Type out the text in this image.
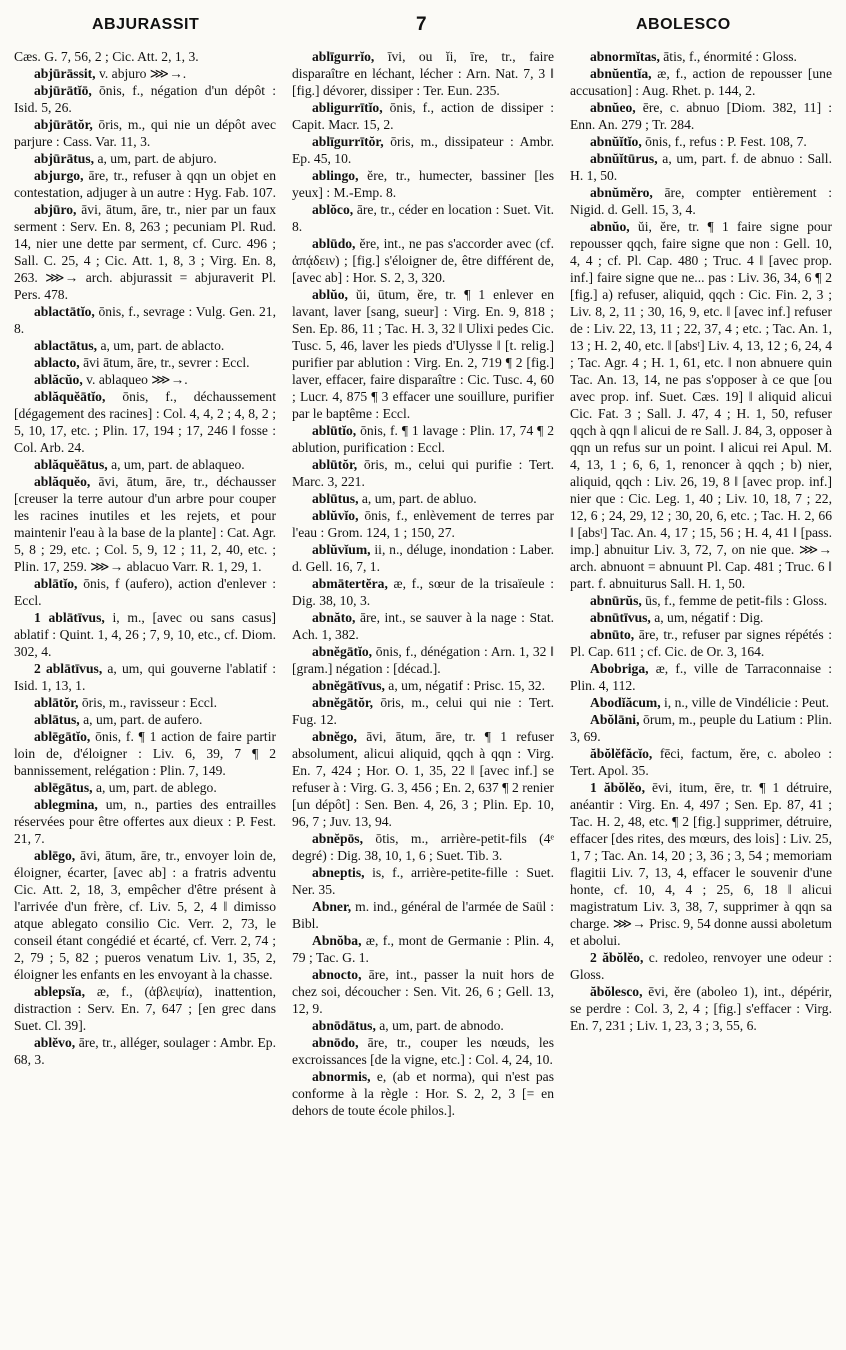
ABJURASSIT	7	ABOLESCO

Cæs. G. 7, 56, 2 ; Cic. Att. 2, 1, 3.

abjūrāssit, v. abjuro ⋙→.

abjūrātĭō, ōnis, f., négation d'un dépôt : Isid. 5, 26.

abjūrātŏr, ōris, m., qui nie un dépôt avec parjure : Cass. Var. 11, 3.

abjūrātus, a, um, part. de abjuro.

abjurgo, āre, tr., refuser à qqn un objet en contestation, adjuger à un autre : Hyg. Fab. 107.

abjūro, āvi, ātum, āre, tr., nier par un faux serment : Serv. En. 8, 263 ; pecuniam Pl. Rud. 14, nier une dette par serment, cf. Curc. 496 ; Sall. C. 25, 4 ; Cic. Att. 1, 8, 3 ; Virg. En. 8, 263. ⋙→ arch. abjurassit = abjuraverit Pl. Pers. 478.

ablactātĭo, ōnis, f., sevrage : Vulg. Gen. 21, 8.

ablactātus, a, um, part. de ablacto.

ablacto, āvi ātum, āre, tr., sevrer : Eccl.

ablăcŭo, v. ablaqueo ⋙→.

ablăquĕātĭo, ōnis, f., déchaussement [dégagement des racines] : Col. 4, 4, 2 ; 4, 8, 2 ; 5, 10, 17, etc. ; Plin. 17, 194 ; 17, 246 ‖ fosse : Col. Arb. 24.

ablăquĕātus, a, um, part. de ablaqueo.

ablăquĕo, āvi, ātum, āre, tr., déchausser [creuser la terre autour d'un arbre pour couper les racines inutiles et les rejets, et pour maintenir l'eau à la base de la plante] : Cat. Agr. 5, 8 ; 29, etc. ; Col. 5, 9, 12 ; 11, 2, 40, etc. ; Plin. 17, 259. ⋙→ ablacuo Varr. R. 1, 29, 1.

ablātĭo, ōnis, f (aufero), action d'enlever : Eccl.

1 ablātīvus, i, m., [avec ou sans casus] ablatif : Quint. 1, 4, 26 ; 7, 9, 10, etc., cf. Diom. 302, 4.

2 ablātīvus, a, um, qui gouverne l'ablatif : Isid. 1, 13, 1.

ablātŏr, ōris, m., ravisseur : Eccl.

ablātus, a, um, part. de aufero.

ablēgātĭo, ōnis, f. ¶ 1 action de faire partir loin de, d'éloigner : Liv. 6, 39, 7 ¶ 2 bannissement, relégation : Plin. 7, 149.

ablēgātus, a, um, part. de ablego.

ablegmina, um, n., parties des entrailles réservées pour être offertes aux dieux : P. Fest. 21, 7.

ablēgo, āvi, ātum, āre, tr., envoyer loin de, éloigner, écarter, [avec ab] : a fratris adventu Cic. Att. 2, 18, 3, empêcher d'être présent à l'arrivée d'un frère, cf. Liv. 5, 2, 4 ‖ dimisso atque ablegato consilio Cic. Verr. 2, 73, le conseil étant congédié et écarté, cf. Verr. 2, 74 ; 2, 79 ; 5, 82 ; pueros venatum Liv. 1, 35, 2, éloigner les enfants en les envoyant à la chasse.

ablepsĭa, æ, f., (ἀβλεψία), inattention, distraction : Serv. En. 7, 647 ; [en grec dans Suet. Cl. 39].

ablĕvo, āre, tr., alléger, soulager : Ambr. Ep. 68, 3.

ablīgurrĭo, īvi, ou ĭi, īre, tr., faire disparaître en léchant, lécher : Arn. Nat. 7, 3 ‖ [fig.] dévorer, dissiper : Ter. Eun. 235.

abligurrītĭo, ōnis, f., action de dissiper : Capit. Macr. 15, 2.

ablīgurrītŏr, ōris, m., dissipateur : Ambr. Ep. 45, 10.

ablingo, ĕre, tr., humecter, bassiner [les yeux] : M.-Emp. 8.

ablŏco, āre, tr., céder en location : Suet. Vit. 8.

ablūdo, ĕre, int., ne pas s'accorder avec (cf. ἀπᾴδειν) ; [fig.] s'éloigner de, être différent de, [avec ab] : Hor. S. 2, 3, 320.

ablŭo, ŭi, ūtum, ĕre, tr. ¶ 1 enlever en lavant, laver [sang, sueur] : Virg. En. 9, 818 ; Sen. Ep. 86, 11 ; Tac. H. 3, 32 ‖ Ulixi pedes Cic. Tusc. 5, 46, laver les pieds d'Ulysse ‖ [t. relig.] purifier par ablution : Virg. En. 2, 719 ¶ 2 [fig.] laver, effacer, faire disparaître : Cic. Tusc. 4, 60 ; Lucr. 4, 875 ¶ 3 effacer une souillure, purifier par le baptême : Eccl.

ablūtĭo, ōnis, f. ¶ 1 lavage : Plin. 17, 74 ¶ 2 ablution, purification : Eccl.

ablūtŏr, ōris, m., celui qui purifie : Tert. Marc. 3, 221.

ablūtus, a, um, part. de abluo.

ablŭvĭo, ōnis, f., enlèvement de terres par l'eau : Grom. 124, 1 ; 150, 27.

ablŭvĭum, ii, n., déluge, inondation : Laber. d. Gell. 16, 7, 1.

abmātertĕra, æ, f., sœur de la trisaïeule : Dig. 38, 10, 3.

abnăto, āre, int., se sauver à la nage : Stat. Ach. 1, 382.

abnĕgātĭo, ōnis, f., dénégation : Arn. 1, 32 ‖ [gram.] négation : [décad.].

abnĕgātīvus, a, um, négatif : Prisc. 15, 32.

abnĕgātŏr, ōris, m., celui qui nie : Tert. Fug. 12.

abnĕgo, āvi, ātum, āre, tr. ¶ 1 refuser absolument, alicui aliquid, qqch à qqn : Virg. En. 7, 424 ; Hor. O. 1, 35, 22 ‖ [avec inf.] se refuser à : Virg. G. 3, 456 ; En. 2, 637 ¶ 2 renier [un dépôt] : Sen. Ben. 4, 26, 3 ; Plin. Ep. 10, 96, 7 ; Juv. 13, 94.

abnĕpōs, ōtis, m., arrière-petit-fils (4ᵉ degré) : Dig. 38, 10, 1, 6 ; Suet. Tib. 3.

abneptis, is, f., arrière-petite-fille : Suet. Ner. 35.

Abner, m. ind., général de l'armée de Saül : Bibl.

Abnŏba, æ, f., mont de Germanie : Plin. 4, 79 ; Tac. G. 1.

abnocto, āre, int., passer la nuit hors de chez soi, découcher : Sen. Vit. 26, 6 ; Gell. 13, 12, 9.

abnōdātus, a, um, part. de abnodo.

abnōdo, āre, tr., couper les nœuds, les excroissances [de la vigne, etc.] : Col. 4, 24, 10.

abnormis, e, (ab et norma), qui n'est pas conforme à la règle : Hor. S. 2, 2, 3 [= en dehors de toute école philos.].

abnormĭtas, ātis, f., énormité : Gloss.

abnŭentĭa, æ, f., action de repousser [une accusation] : Aug. Rhet. p. 144, 2.

abnŭeo, ēre, c. abnuo [Diom. 382, 11] : Enn. An. 279 ; Tr. 284.

abnŭĭtĭo, ōnis, f., refus : P. Fest. 108, 7.

abnŭĭtūrus, a, um, part. f. de abnuo : Sall. H. 1, 50.

abnŭmĕro, āre, compter entièrement : Nigid. d. Gell. 15, 3, 4.

abnŭo, ŭi, ĕre, tr. ¶ 1 faire signe pour repousser qqch, faire signe que non : Gell. 10, 4, 4 ; cf. Pl. Cap. 480 ; Truc. 4 ‖ [avec prop. inf.] faire signe que ne... pas : Liv. 36, 34, 6 ¶ 2 [fig.] a) refuser, aliquid, qqch : Cic. Fin. 2, 3 ; Liv. 8, 2, 11 ; 30, 16, 9, etc. ‖ [avec inf.] refuser de : Liv. 22, 13, 11 ; 22, 37, 4 ; etc. ; Tac. An. 1, 13 ; H. 2, 40, etc. ‖ [absᵗ] Liv. 4, 13, 12 ; 6, 24, 4 ; Tac. Agr. 4 ; H. 1, 61, etc. ‖ non abnuere quin Tac. An. 13, 14, ne pas s'opposer à ce que [ou avec prop. inf. Suet. Cæs. 19] ‖ aliquid alicui Cic. Fat. 3 ; Sall. J. 47, 4 ; H. 1, 50, refuser qqch à qqn ‖ alicui de re Sall. J. 84, 3, opposer à qqn un refus sur un point. ‖ alicui rei Apul. M. 4, 13, 1 ; 6, 6, 1, renoncer à qqch ; b) nier, aliquid, qqch : Liv. 26, 19, 8 ‖ [avec prop. inf.] nier que : Cic. Leg. 1, 40 ; Liv. 10, 18, 7 ; 22, 12, 6 ; 24, 29, 12 ; 30, 20, 6, etc. ; Tac. H. 2, 66 ‖ [absᵗ] Tac. An. 4, 17 ; 15, 56 ; H. 4, 41 ‖ [pass. imp.] abnuitur Liv. 3, 72, 7, on nie que. ⋙→ arch. abnuont = abnuunt Pl. Cap. 481 ; Truc. 6 ‖ part. f. abnuiturus Sall. H. 1, 50.

abnūrŭs, ūs, f., femme de petit-fils : Gloss.

abnūtīvus, a, um, négatif : Dig.

abnūto, āre, tr., refuser par signes répétés : Pl. Cap. 611 ; cf. Cic. de Or. 3, 164.

Abobriga, æ, f., ville de Tarraconnaise : Plin. 4, 112.

Abodĭăcum, i, n., ville de Vindélicie : Peut.

Abŏlāni, ōrum, m., peuple du Latium : Plin. 3, 69.

ăbŏlĕfăcĭo, fēci, factum, ĕre, c. aboleo : Tert. Apol. 35.

1 ăbŏlĕo, ēvi, itum, ēre, tr. ¶ 1 détruire, anéantir : Virg. En. 4, 497 ; Sen. Ep. 87, 41 ; Tac. H. 2, 48, etc. ¶ 2 [fig.] supprimer, détruire, effacer [des rites, des mœurs, des lois] : Liv. 25, 1, 7 ; Tac. An. 14, 20 ; 3, 36 ; 3, 54 ; memoriam flagitii Liv. 7, 13, 4, effacer le souvenir d'une honte, cf. 10, 4, 4 ; 25, 6, 18 ‖ alicui magistratum Liv. 3, 38, 7, supprimer à qqn sa charge. ⋙→ Prisc. 9, 54 donne aussi aboletum et abolui.

2 ăbŏlĕo, c. redoleo, renvoyer une odeur : Gloss.

ăbŏlesco, ēvi, ĕre (aboleo 1), int., dépérir, se perdre : Col. 3, 2, 4 ; [fig.] s'effacer : Virg. En. 7, 231 ; Liv. 1, 23, 3 ; 3, 55, 6.
